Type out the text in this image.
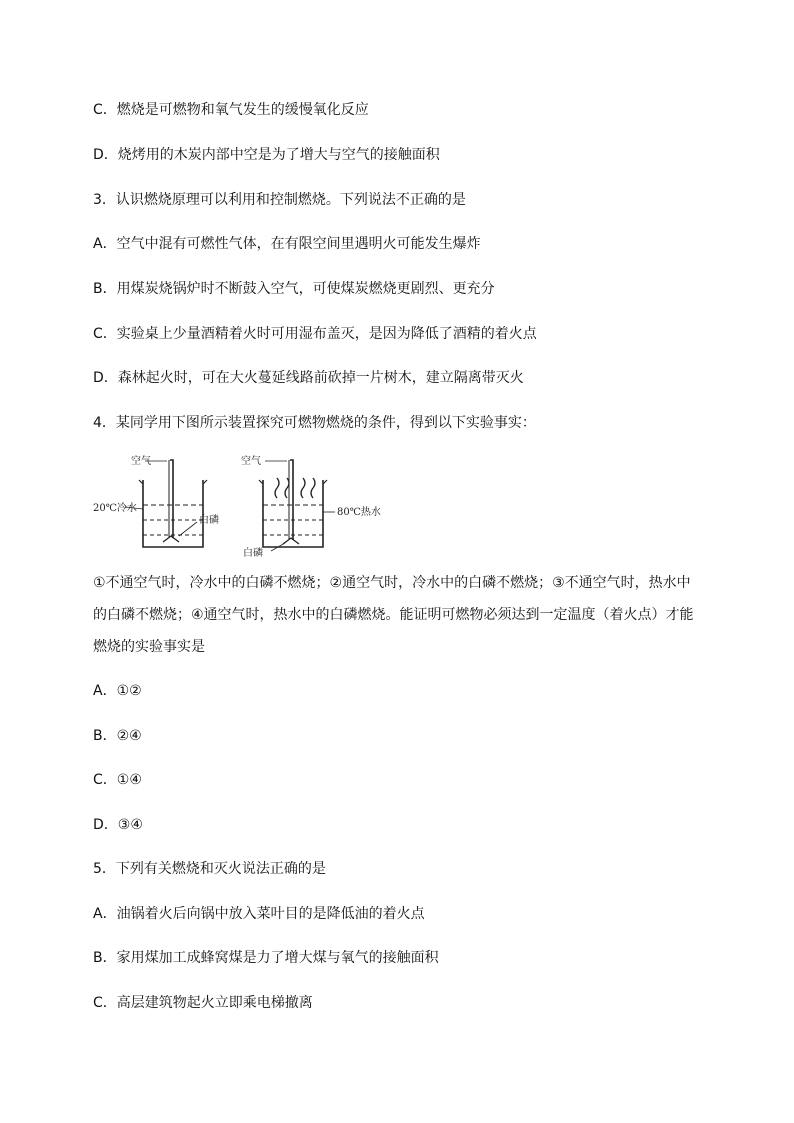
C．燃烧是可燃物和氧气发生的缓慢氧化反应
D．烧烤用的木炭内部中空是为了增大与空气的接触面积
3．认识燃烧原理可以利用和控制燃烧。下列说法不正确的是
A．空气中混有可燃性气体，在有限空间里遇明火可能发生爆炸
B．用煤炭烧锅炉时不断鼓入空气，可使煤炭燃烧更剧烈、更充分
C．实验桌上少量酒精着火时可用湿布盖灭，是因为降低了酒精的着火点
D．森林起火时，可在大火蔓延线路前砍掉一片树木，建立隔离带灭火
4．某同学用下图所示装置探究可燃物燃烧的条件，得到以下实验事实：
空气
20℃冷水
白磷
空气
80℃热水
白磷
①不通空气时，冷水中的白磷不燃烧；②通空气时，冷水中的白磷不燃烧；③不通空气时，热水中
的白磷不燃烧；④通空气时，热水中的白磷燃烧。能证明可燃物必须达到一定温度（着火点）才能
燃烧的实验事实是
A．①②
B．②④
C．①④
D．③④
5．下列有关燃烧和灭火说法正确的是
A．油锅着火后向锅中放入菜叶目的是降低油的着火点
B．家用煤加工成蜂窝煤是力了增大煤与氧气的接触面积
C．高层建筑物起火立即乘电梯撤离
